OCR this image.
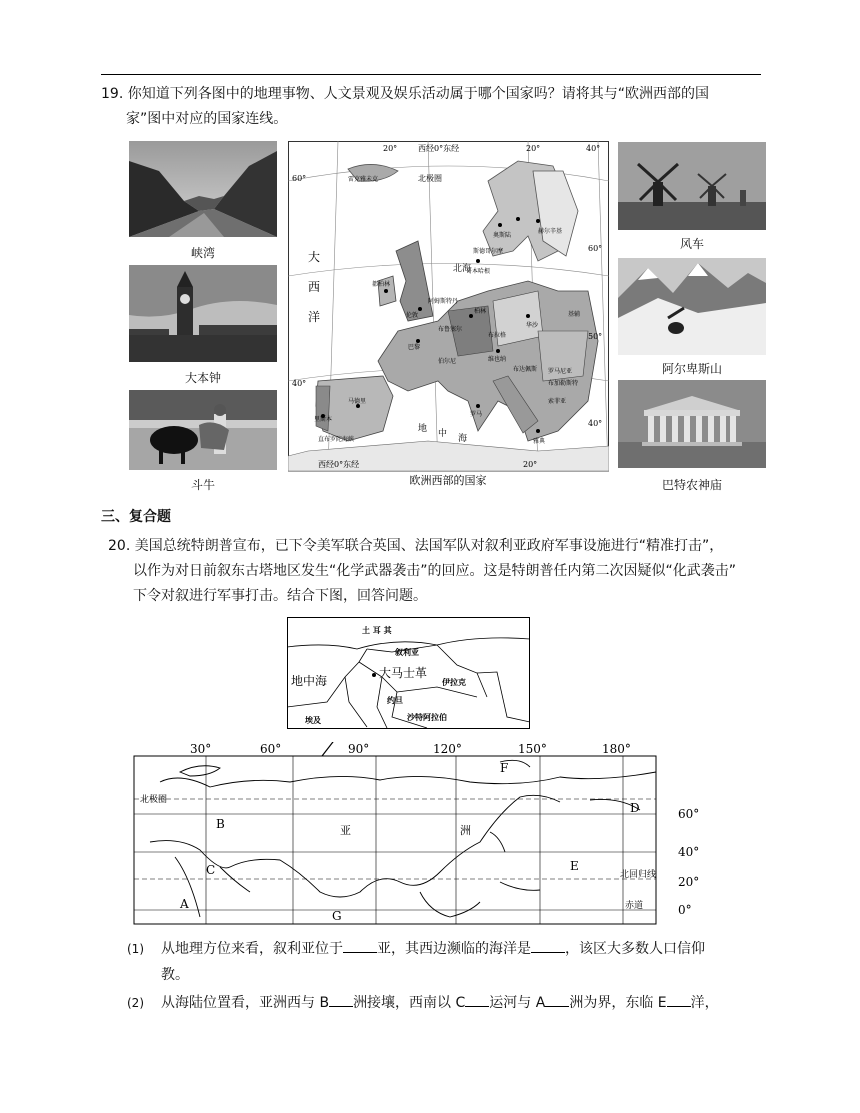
19. 你知道下列各图中的地理事物、人文景观及娱乐活动属于哪个国家吗？请将其与“欧洲西部的国
家”图中对应的国家连线。
峡湾
大本钟
斗牛
风车
阿尔卑斯山
巴特农神庙
西经0°东经
20°	20°	40°
60°
60°
50°
40°
40°
北极圈
大
西
洋
北海
地 中 海
雷克雅未克
奥斯陆
赫尔辛基
斯德哥尔摩
哥本哈根
都柏林
伦敦
巴黎
柏林
华沙
维也纳
马德里
罗马
雅典
阿姆斯特丹
布鲁塞尔
伯尔尼
布达佩斯
布拉格
基辅
罗马尼亚
布加勒斯特
里斯本
直布罗陀海峡
索菲亚
西经0°东经	20°
欧洲西部的国家
三、复合题
20. 美国总统特朗普宣布，已下令美军联合英国、法国军队对叙利亚政府军事设施进行“精准打击”，
以作为对日前叙东古塔地区发生“化学武器袭击”的回应。这是特朗普任内第二次因疑似“化武袭击”
下令对叙进行军事打击。结合下图，回答问题。
土 耳 其
叙利亚
大马士革
地中海	伊拉克
约旦
埃及	沙特阿拉伯
30°	60°	90°	120°	150°	180°
60°
40°
20°
0°
A
B
C
D
E
F
G
亚	洲
北极圈
北回归线
赤道
(1) 从地理方位来看，叙利亚位于 亚，其西边濒临的海洋是 ，该区大多数人口信仰
教。
(2) 从海陆位置看，亚洲西与 B 洲接壤，西南以 C 运河与 A 洲为界，东临 E 洋，
